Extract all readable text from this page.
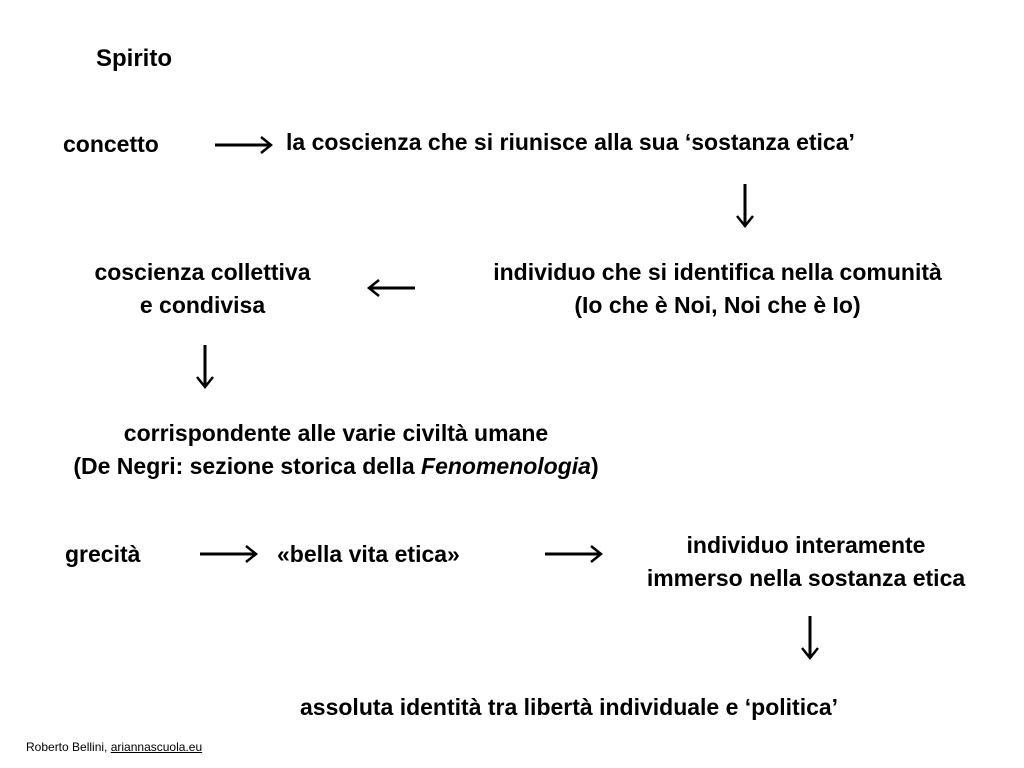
Spirito
concetto	la coscienza che si riunisce alla sua ‘sostanza etica’
individuo che si identifica nella comunità
(Io che è Noi, Noi che è Io)
coscienza collettiva
e condivisa
corrispondente alle varie civiltà umane
(De Negri: sezione storica della Fenomenologia)
grecità	«bella vita etica»	individuo interamente
immerso nella sostanza etica
assoluta identità tra libertà individuale e ‘politica’
Roberto Bellini, ariannascuola.eu
